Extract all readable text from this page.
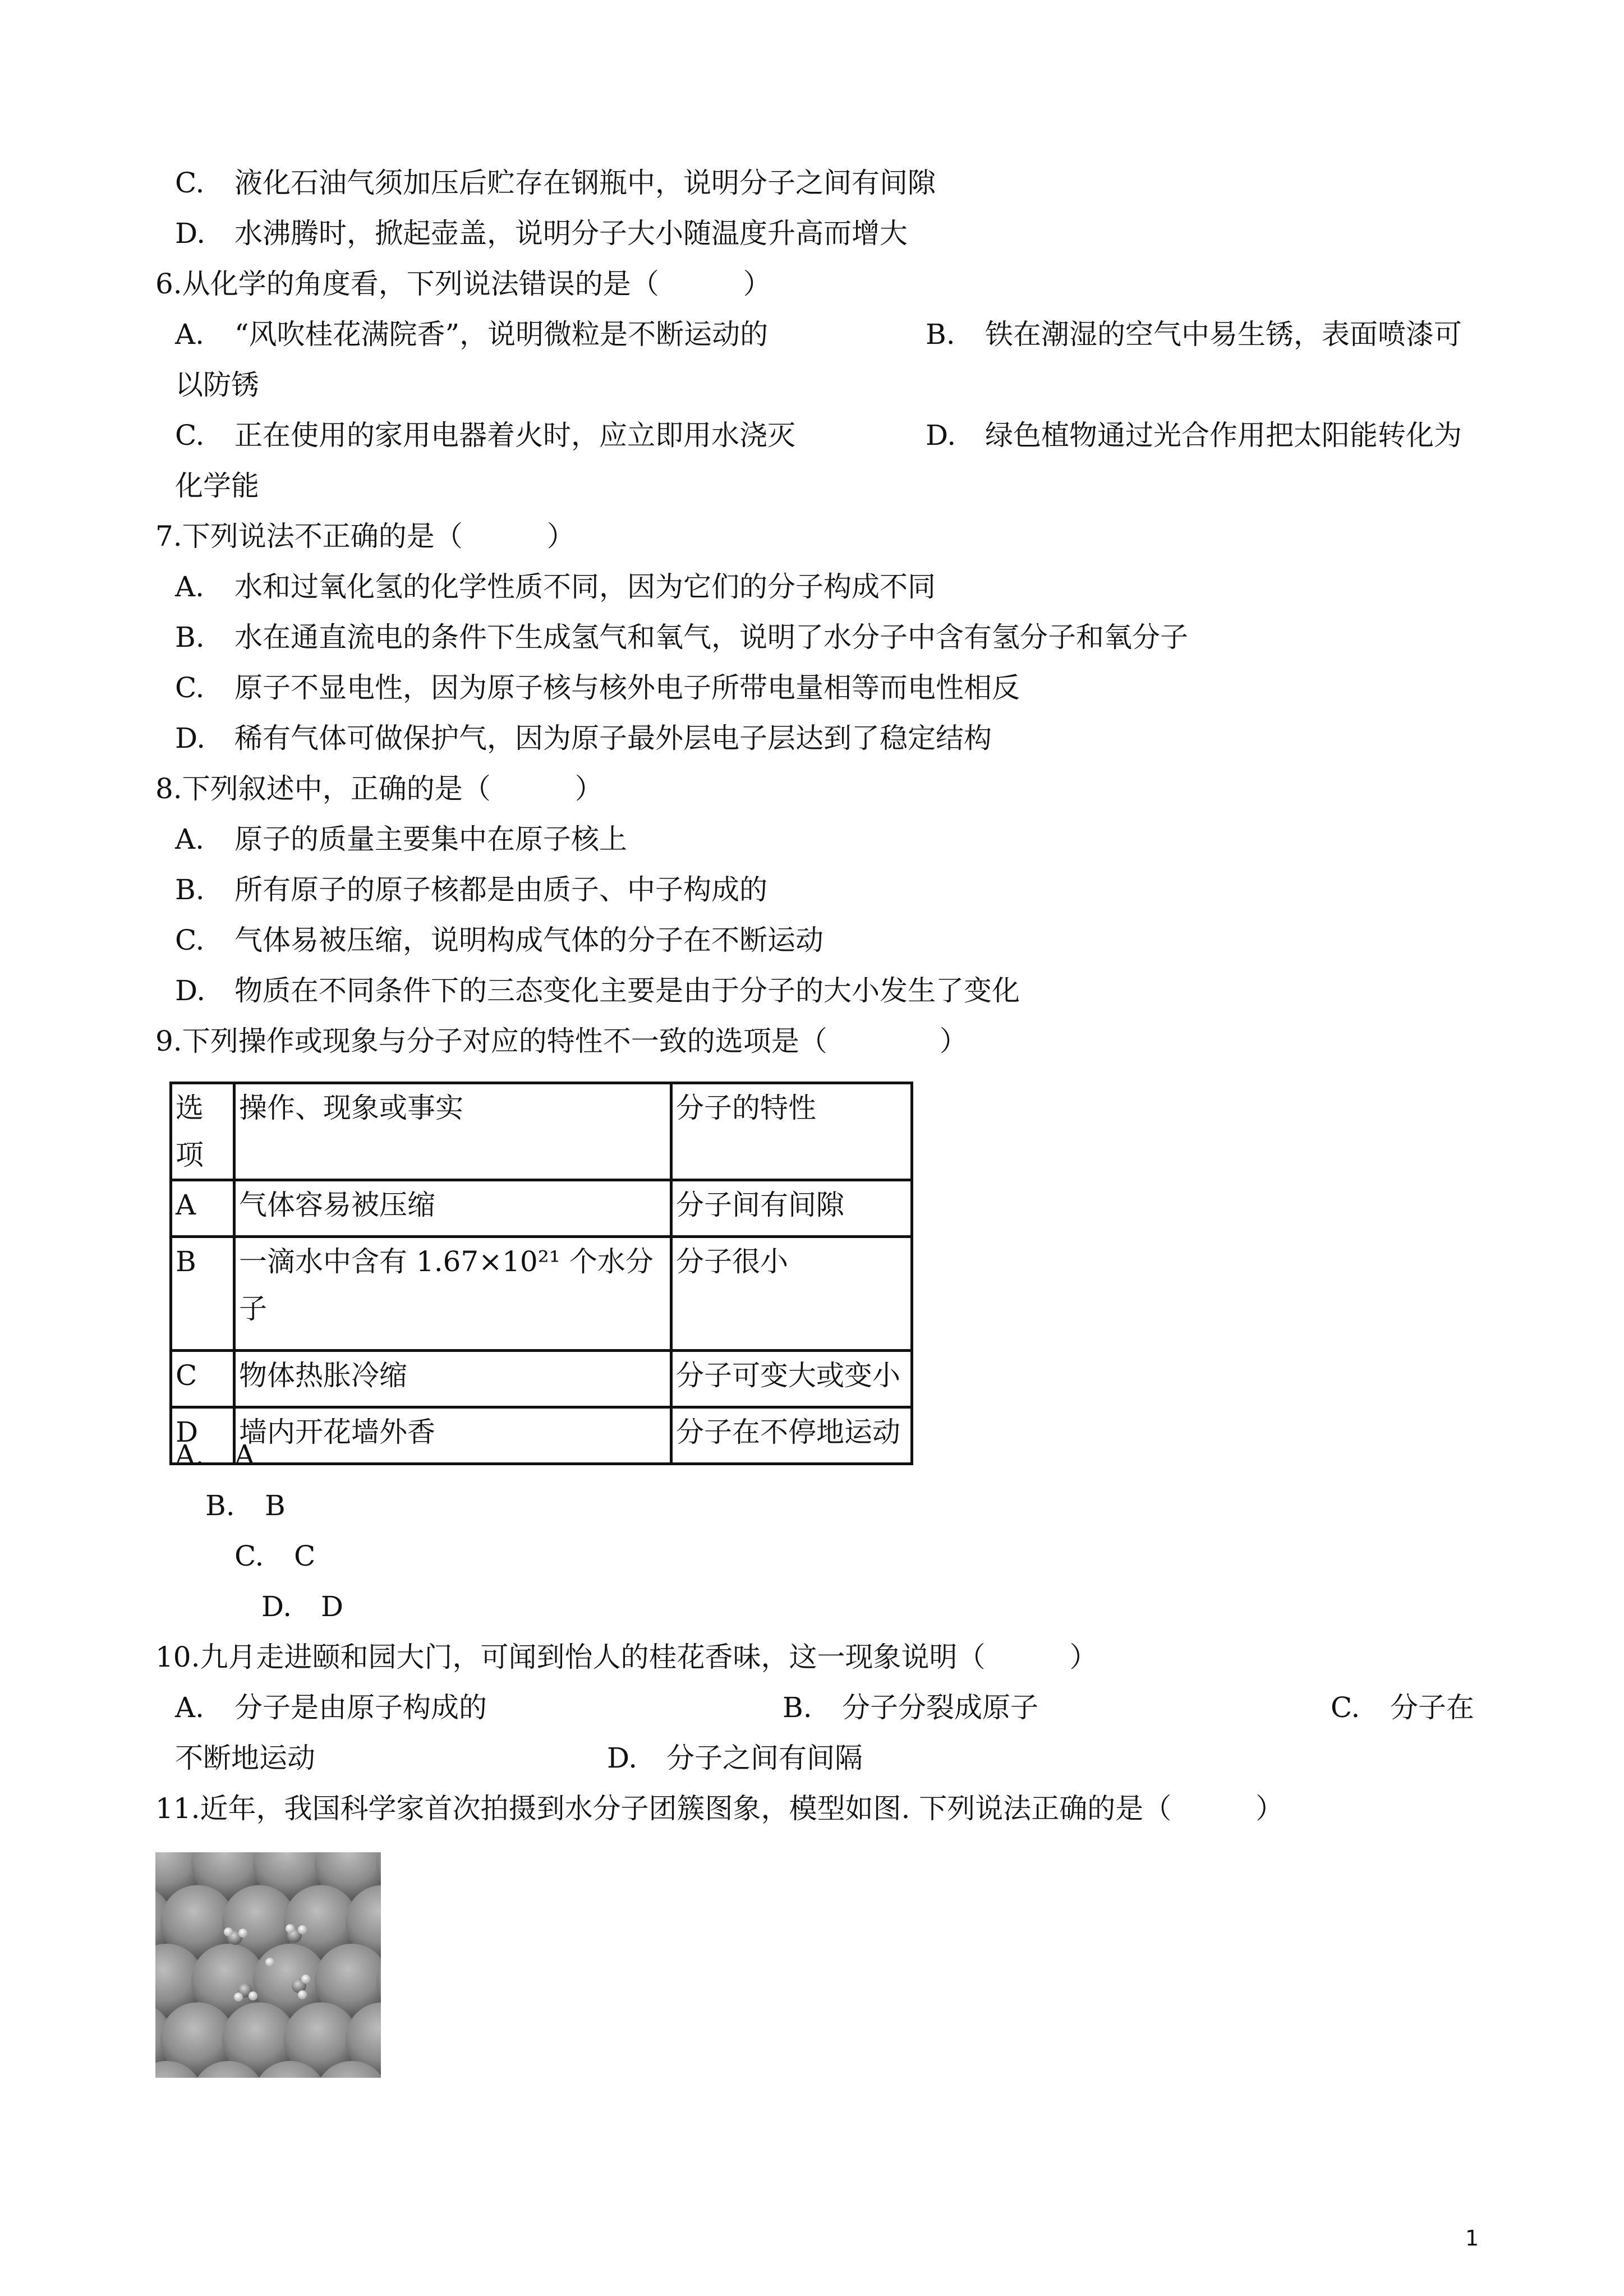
C. 液化石油气须加压后贮存在钢瓶中，说明分子之间有间隙
D. 水沸腾时，掀起壶盖，说明分子大小随温度升高而增大
6.从化学的角度看，下列说法错误的是（　　　）
A. “风吹桂花满院香”，说明微粒是不断运动的	B. 铁在潮湿的空气中易生锈，表面喷漆可
以防锈
C. 正在使用的家用电器着火时，应立即用水浇灭	D. 绿色植物通过光合作用把太阳能转化为
化学能
7.下列说法不正确的是（　　　）
A. 水和过氧化氢的化学性质不同，因为它们的分子构成不同
B. 水在通直流电的条件下生成氢气和氧气，说明了水分子中含有氢分子和氧分子
C. 原子不显电性，因为原子核与核外电子所带电量相等而电性相反
D. 稀有气体可做保护气，因为原子最外层电子层达到了稳定结构
8.下列叙述中，正确的是（　　　）
A. 原子的质量主要集中在原子核上
B. 所有原子的原子核都是由质子、中子构成的
C. 气体易被压缩，说明构成气体的分子在不断运动
D. 物质在不同条件下的三态变化主要是由于分子的大小发生了变化
9.下列操作或现象与分子对应的特性不一致的选项是（　　　　）
选项	操作、现象或事实	分子的特性
A	气体容易被压缩	分子间有间隙
B	一滴水中含有 1.67×10²¹ 个水分子	分子很小
C	物体热胀冷缩	分子可变大或变小
D	墙内开花墙外香	分子在不停地运动
A. A
B. B
C. C
D. D
10.九月走进颐和园大门，可闻到怡人的桂花香味，这一现象说明（　　　）
A. 分子是由原子构成的	B. 分子分裂成原子	C. 分子在
不断地运动	D. 分子之间有间隔
11.近年，我国科学家首次拍摄到水分子团簇图象，模型如图. 下列说法正确的是（　　　）
1
